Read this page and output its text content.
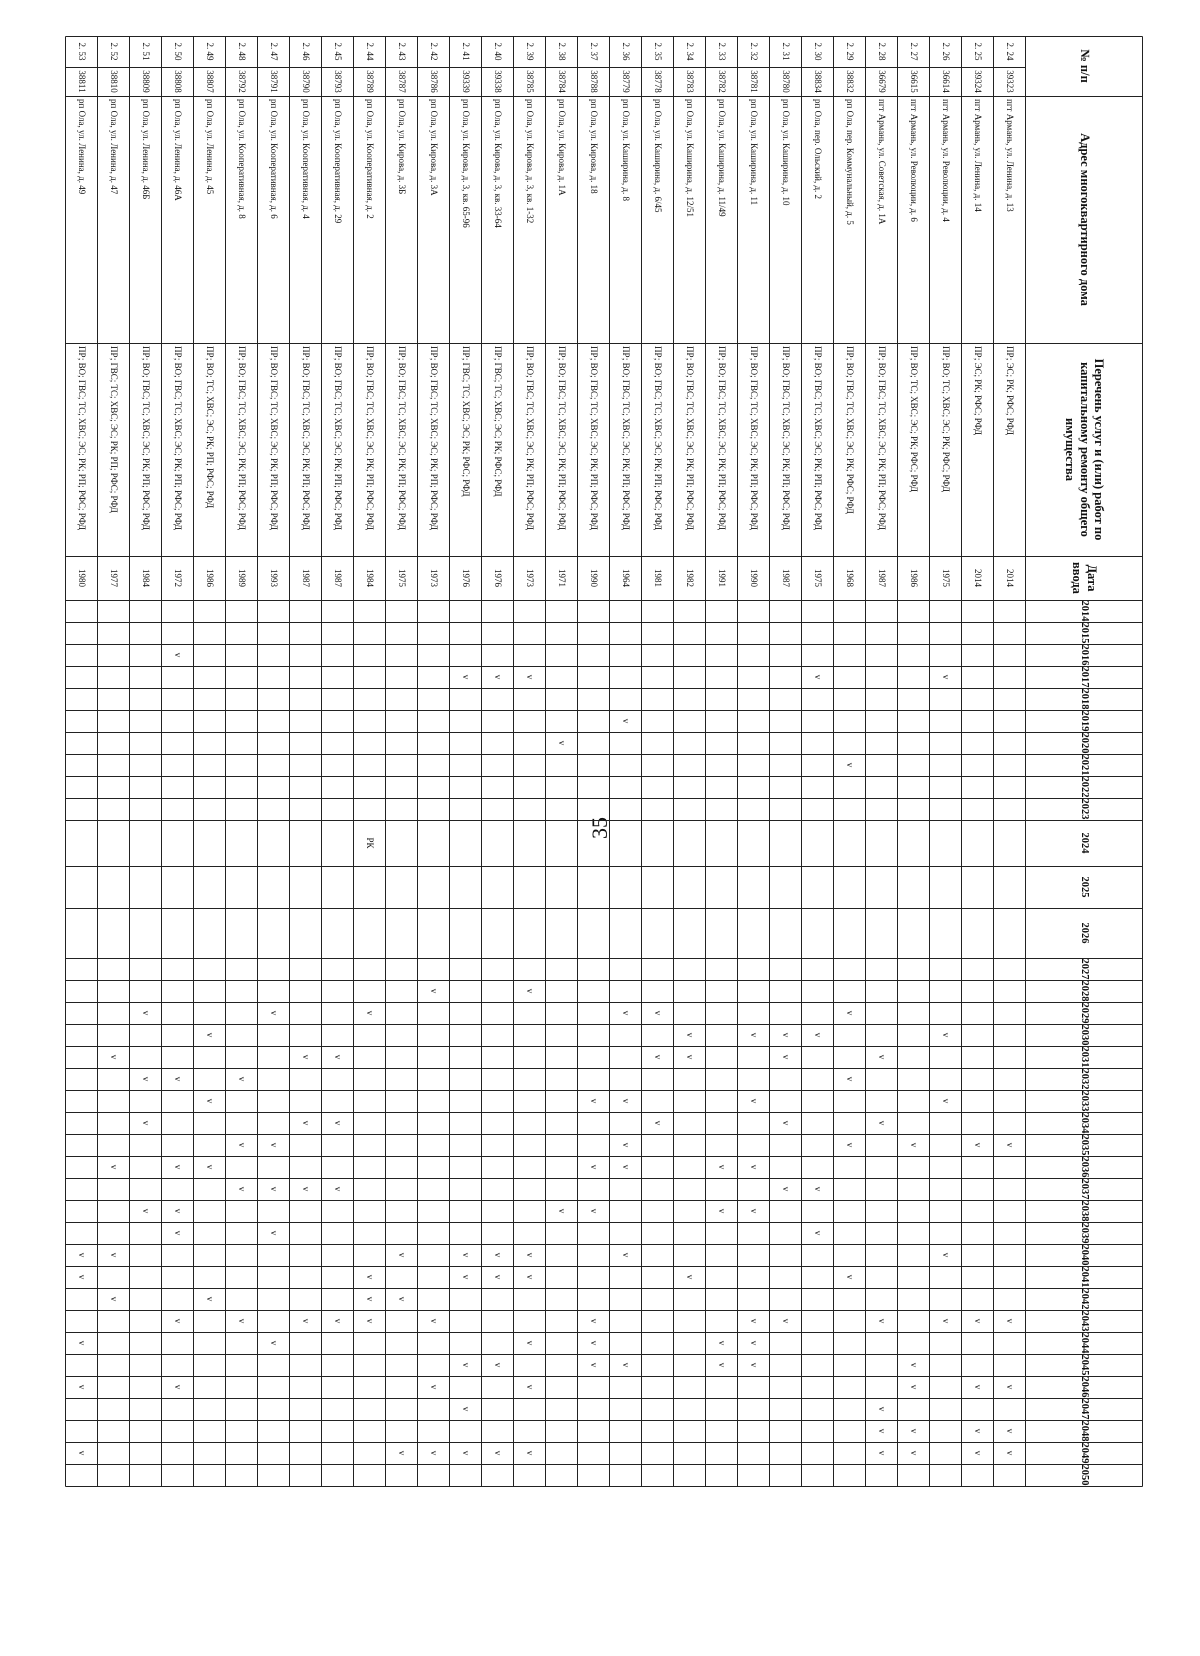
35
№ п/п
Адрес многоквартирного дома
Перечень услуг и (или) работ по капитальному ремонту общего имущества
Дата ввода
2014
2015
2016
2017
2018
2019
2020
2021
2022
2023
2024
2025
2026
2027
2028
2029
2030
2031
2032
2033
2034
2035
2036
2037
2038
2039
2040
2041
2042
2043
2044
2045
2046
2047
2048
2049
2050
2. 24
39323
пгт Армань, ул. Ленина, д. 13
ПР; ЭС; РК; РФС; РФД
2014
v
v
v
v
v
2. 25
39324
пгт Армань, ул. Ленина, д. 14
ПР; ЭС; РК; РФС; РФД
2014
v
v
v
v
v
2. 26
36614
пгт Армань, ул. Революции, д. 4
ПР; ВО; ТС; ХВС; ЭС; РК; РФС; РФД
1975
v
v
v
v
v
2. 27
36615
пгт Армань, ул. Революции, д. 6
ПР; ВО; ТС; ХВС; ЭС; РК; РФС; РФД
1986
v
v
v
v
v
2. 28
36679
пгт Армань, ул. Советская, д. 1А
ПР; ВО; ГВС; ТС; ХВС; ЭС; РК; РП; РФС; РФД
1987
v
v
v
v
v
v
2. 29
38832
рп Ола, пер. Коммунальный, д. 5
ПР; ВО; ГВС; ТС; ХВС; ЭС; РК; РФС; РФД
1968
v
v
v
v
v
2. 30
38834
рп Ола, пер. Ольский, д. 2
ПР; ВО; ГВС; ТС; ХВС; ЭС; РК; РП; РФС; РФД
1975
v
v
v
v
2. 31
38780
рп Ола, ул. Каширина, д. 10
ПР; ВО; ГВС; ТС; ХВС; ЭС; РК; РП; РФС; РФД
1987
v
v
v
v
v
2. 32
38781
рп Ола, ул. Каширина, д. 11
ПР; ВО; ГВС; ТС; ХВС; ЭС; РК; РП; РФС; РФД
1990
v
v
v
v
v
v
v
2. 33
38782
рп Ола, ул. Каширина, д. 11/49
ПР; ВО; ГВС; ТС; ХВС; ЭС; РК; РП; РФС; РФД
1991
v
v
v
v
2. 34
38783
рп Ола, ул. Каширина, д. 12/51
ПР; ВО; ГВС; ТС; ХВС; ЭС; РК; РП; РФС; РФД
1982
v
v
v
2. 35
38778
рп Ола, ул. Каширина, д. 6/45
ПР; ВО; ГВС; ТС; ХВС; ЭС; РК; РП; РФС; РФД
1981
v
v
v
2. 36
38779
рп Ола, ул. Каширина, д. 8
ПР; ВО; ГВС; ТС; ХВС; ЭС; РК; РП; РФС; РФД
1964
v
v
v
v
v
v
v
2. 37
38788
рп Ола, ул. Кирова, д. 18
ПР; ВО; ГВС; ТС; ХВС; ЭС; РК; РП; РФС; РФД
1990
v
v
v
v
v
v
2. 38
38784
рп Ола, ул. Кирова, д. 1А
ПР; ВО; ГВС; ТС; ХВС; ЭС; РК; РП; РФС; РФД
1971
v
v
2. 39
38785
рп Ола, ул. Кирова, д. 3, кв. 1-32
ПР; ВО; ГВС; ТС; ХВС; ЭС; РК; РП; РФС; РФД
1973
v
v
v
v
v
v
v
2. 40
39338
рп Ола, ул. Кирова, д. 3, кв. 33-64
ПР; ГВС; ТС; ХВС; ЭС; РК; РФС; РФД
1976
v
v
v
v
v
2. 41
39339
рп Ола, ул. Кирова, д. 3, кв. 65-96
ПР; ГВС; ТС; ХВС; ЭС; РК; РФС; РФД
1976
v
v
v
v
v
v
2. 42
38786
рп Ола, ул. Кирова, д. 3А
ПР; ВО; ГВС; ТС; ХВС; ЭС; РК; РП; РФС; РФД
1973
v
v
v
v
2. 43
38787
рп Ола, ул. Кирова, д. 3Б
ПР; ВО; ГВС; ТС; ХВС; ЭС; РК; РП; РФС; РФД
1975
v
v
v
2. 44
38789
рп Ола, ул. Кооперативная, д. 2
ПР; ВО; ГВС; ТС; ХВС; ЭС; РК; РП; РФС; РФД
1984
РК
v
v
v
v
2. 45
38793
рп Ола, ул. Кооперативная, д. 29
ПР; ВО; ГВС; ТС; ХВС; ЭС; РК; РП; РФС; РФД
1987
v
v
v
v
2. 46
38790
рп Ола, ул. Кооперативная, д. 4
ПР; ВО; ГВС; ТС; ХВС; ЭС; РК; РП; РФС; РФД
1987
v
v
v
v
2. 47
38791
рп Ола, ул. Кооперативная, д. 6
ПР; ВО; ГВС; ТС; ХВС; ЭС; РК; РП; РФС; РФД
1993
v
v
v
v
v
2. 48
38792
рп Ола, ул. Кооперативная, д. 8
ПР; ВО; ГВС; ТС; ХВС; ЭС; РК; РП; РФС; РФД
1989
v
v
v
v
2. 49
38807
рп Ола, ул. Ленина, д. 45
ПР; ВО; ТС; ХВС; ЭС; РК; РП; РФС; РФД
1986
v
v
v
v
2. 50
38808
рп Ола, ул. Ленина, д. 46А
ПР; ВО; ГВС; ТС; ХВС; ЭС; РК; РП; РФС; РФД
1972
v
v
v
v
v
v
v
2. 51
38809
рп Ола, ул. Ленина, д. 46Б
ПР; ВО; ГВС; ТС; ХВС; ЭС; РК; РП; РФС; РФД
1984
v
v
v
v
2. 52
38810
рп Ола, ул. Ленина, д. 47
ПР; ГВС; ТС; ХВС; ЭС; РК; РП; РФС; РФД
1977
v
v
v
v
2. 53
38811
рп Ола, ул. Ленина, д. 49
ПР; ВО; ГВС; ТС; ХВС; ЭС; РК; РП; РФС; РФД
1980
v
v
v
v
v
